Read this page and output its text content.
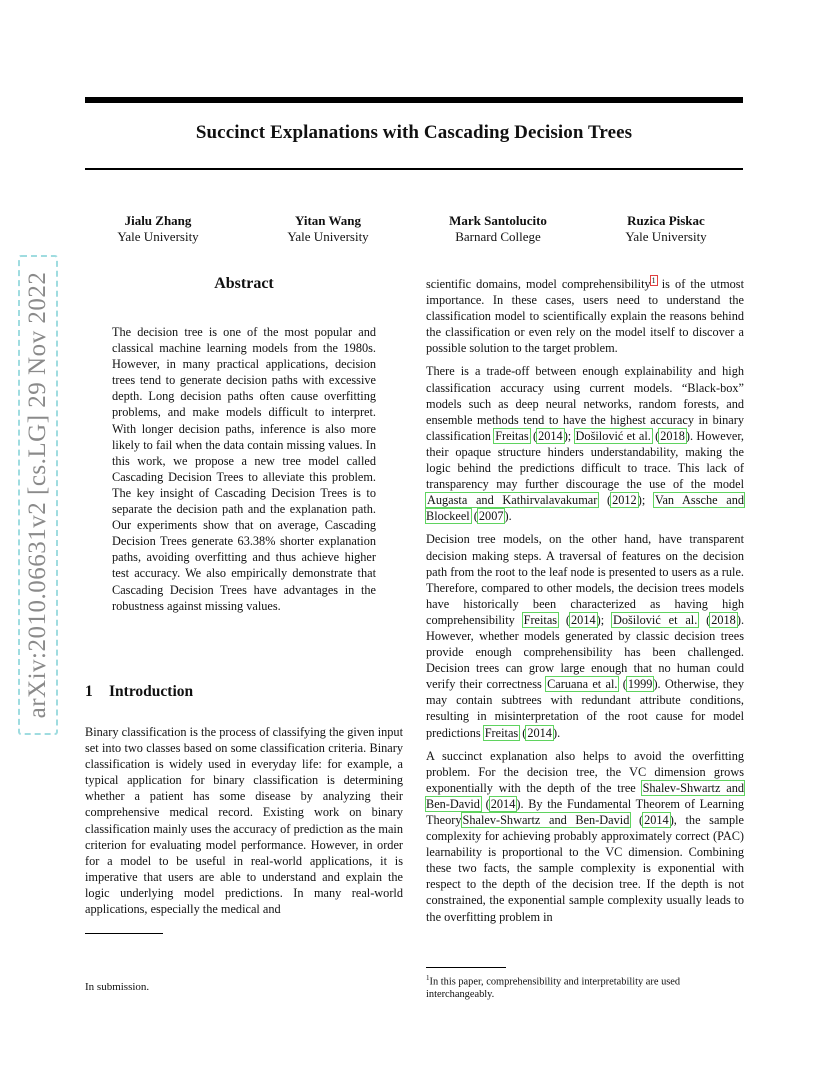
Succinct Explanations with Cascading Decision Trees
Jialu Zhang
Yale University
Yitan Wang
Yale University
Mark Santolucito
Barnard College
Ruzica Piskac
Yale University
arXiv:2010.06631v2 [cs.LG] 29 Nov 2022	Abstract
The decision tree is one of the most popular and classical machine learning models from the 1980s. However, in many practical applications, decision trees tend to generate decision paths with excessive depth. Long decision paths often cause overfitting problems, and make models difficult to interpret. With longer decision paths, inference is also more likely to fail when the data contain missing values. In this work, we propose a new tree model called Cascading Decision Trees to alleviate this problem. The key insight of Cascading Decision Trees is to separate the decision path and the explanation path. Our experiments show that on average, Cascading Decision Trees generate 63.38% shorter explanation paths, avoiding overfitting and thus achieve higher test accuracy. We also empirically demonstrate that Cascading Decision Trees have advantages in the robustness against missing values.
1 Introduction
Binary classification is the process of classifying the given input set into two classes based on some classification criteria. Binary classification is widely used in everyday life: for example, a typical application for binary classification is determining whether a patient has some disease by analyzing their comprehensive medical record. Existing work on binary classification mainly uses the accuracy of prediction as the main criterion for evaluating model performance. However, in order for a model to be useful in real-world applications, it is imperative that users are able to understand and explain the logic underlying model predictions. In many real-world applications, especially the medical and
In submission.

scientific domains, model comprehensibility$^1$ is of the utmost importance. In these cases, users need to understand the classification model to scientifically explain the reasons behind the classification or even rely on the model itself to discover a possible solution to the target problem.

There is a trade-off between enough explainability and high classification accuracy using current models. “Black-box” models such as deep neural networks, random forests, and ensemble methods tend to have the highest accuracy in binary classification Freitas (2014); Došilović et al. (2018). However, their opaque structure hinders understandability, making the logic behind the predictions difficult to trace. This lack of transparency may further discourage the use of the model Augasta and Kathirvalavakumar (2012); Van Assche and Blockeel (2007).

Decision tree models, on the other hand, have transparent decision making steps. A traversal of features on the decision path from the root to the leaf node is presented to users as a rule. Therefore, compared to other models, the decision trees models have historically been characterized as having high comprehensibility Freitas (2014); Došilović et al. (2018). However, whether models generated by classic decision trees provide enough comprehensibility has been challenged. Decision trees can grow large enough that no human could verify their correctness Caruana et al. (1999). Otherwise, they may contain subtrees with redundant attribute conditions, resulting in misinterpretation of the root cause for model predictions Freitas (2014).

A succinct explanation also helps to avoid the overfitting problem. For the decision tree, the VC dimension grows exponentially with the depth of the tree Shalev-Shwartz and Ben-David (2014). By the Fundamental Theorem of Learning TheoryShalev-Shwartz and Ben-David (2014), the sample complexity for achieving probably approximately correct (PAC) learnability is proportional to the VC dimension. Combining these two facts, the sample complexity is exponential with respect to the depth of the decision tree. If the depth is not constrained, the exponential sample complexity usually leads to the overfitting problem in

$^1$In this paper, comprehensibility and interpretability are used interchangeably.
